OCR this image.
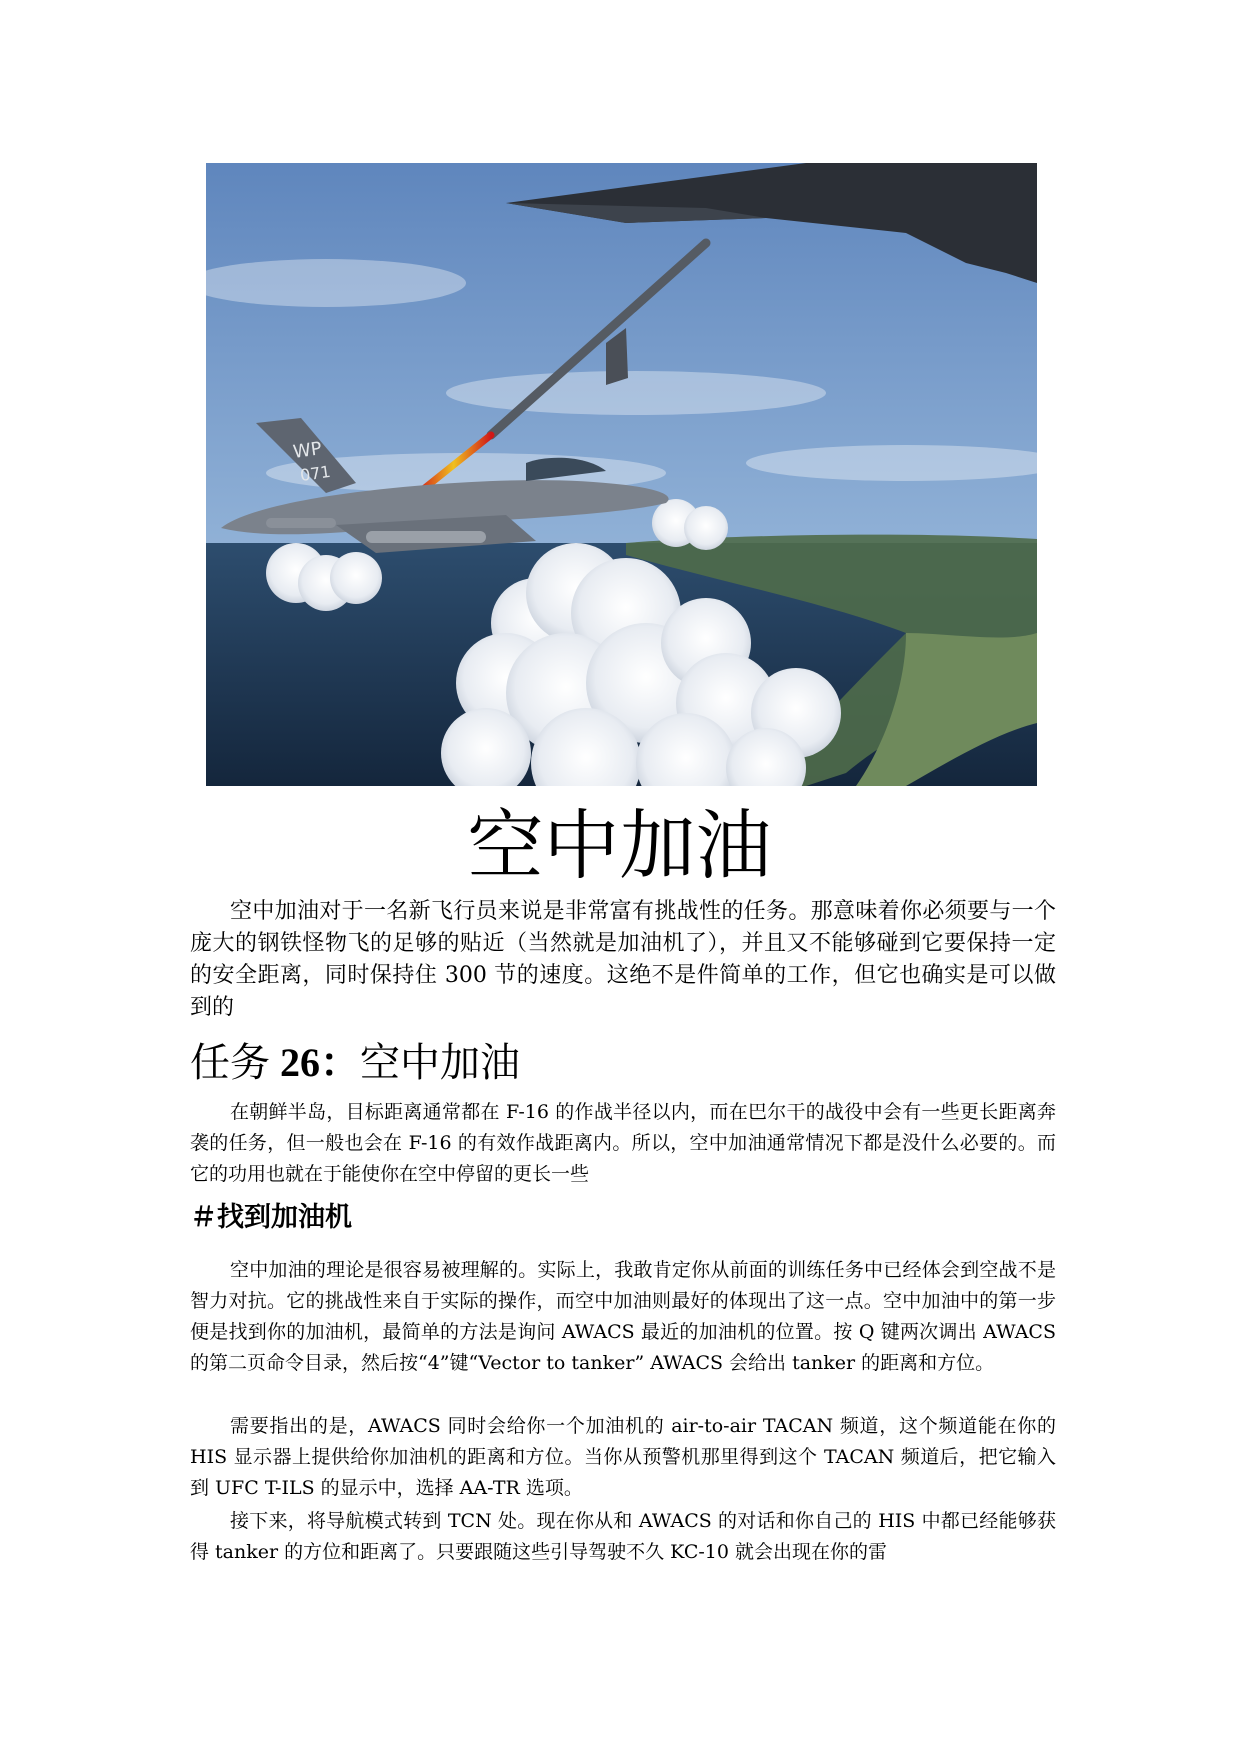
WP
071
空中加油

空中加油对于一名新飞行员来说是非常富有挑战性的任务。那意味着你必须要与一个庞大的钢铁怪物飞的足够的贴近（当然就是加油机了），并且又不能够碰到它要保持一定的安全距离，同时保持住 300 节的速度。这绝不是件简单的工作，但它也确实是可以做到的

任务 26：空中加油

在朝鲜半岛，目标距离通常都在 F-16 的作战半径以内，而在巴尔干的战役中会有一些更长距离奔袭的任务，但一般也会在 F-16 的有效作战距离内。所以，空中加油通常情况下都是没什么必要的。而它的功用也就在于能使你在空中停留的更长一些

＃找到加油机

空中加油的理论是很容易被理解的。实际上，我敢肯定你从前面的训练任务中已经体会到空战不是智力对抗。它的挑战性来自于实际的操作，而空中加油则最好的体现出了这一点。空中加油中的第一步便是找到你的加油机，最简单的方法是询问 AWACS 最近的加油机的位置。按 Q 键两次调出 AWACS 的第二页命令目录，然后按“4”键“Vector to tanker” AWACS 会给出 tanker 的距离和方位。

需要指出的是，AWACS 同时会给你一个加油机的 air-to-air TACAN 频道，这个频道能在你的 HIS 显示器上提供给你加油机的距离和方位。当你从预警机那里得到这个 TACAN 频道后，把它输入到 UFC T-ILS 的显示中，选择 AA-TR 选项。

接下来，将导航模式转到 TCN 处。现在你从和 AWACS 的对话和你自己的 HIS 中都已经能够获得 tanker 的方位和距离了。只要跟随这些引导驾驶不久 KC-10 就会出现在你的雷
